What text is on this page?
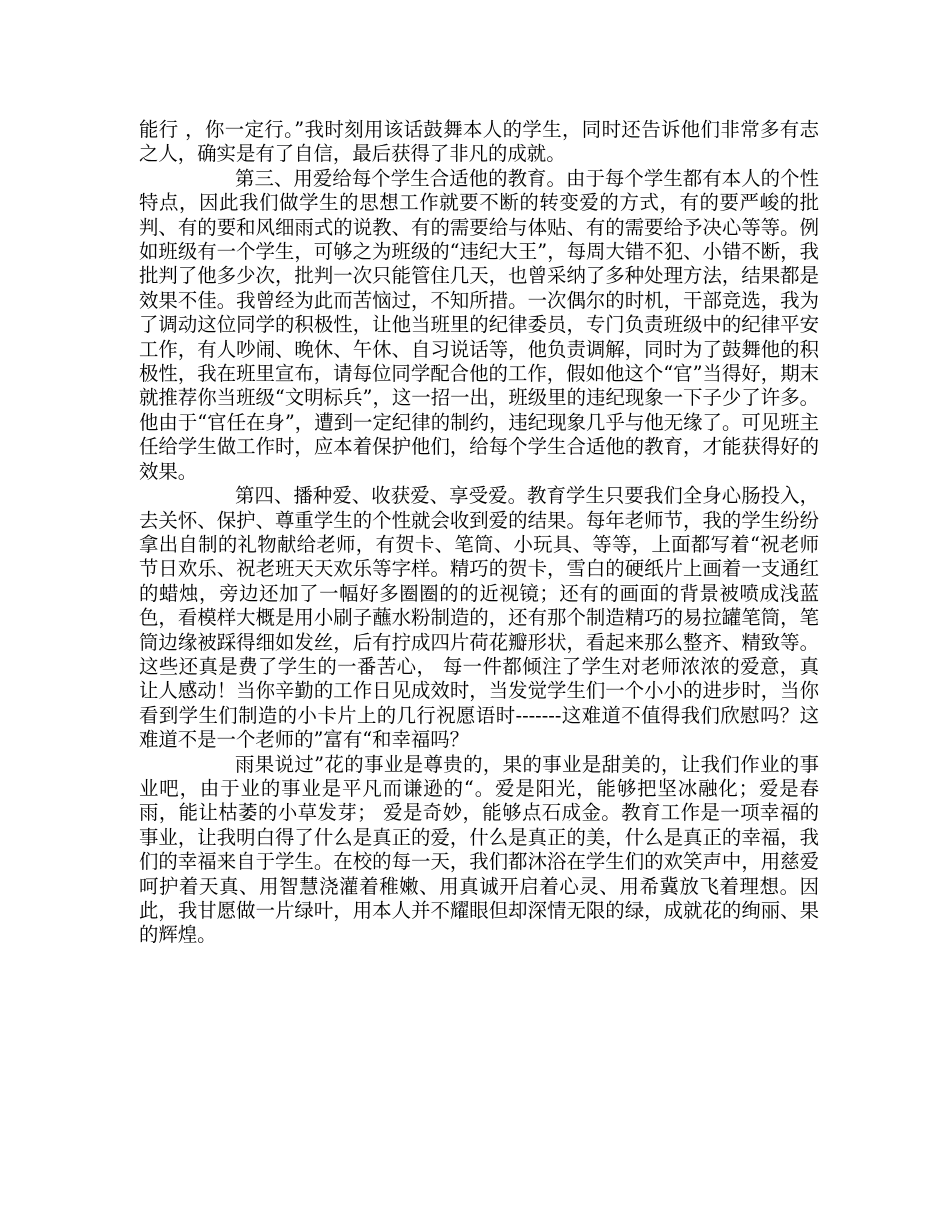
能行 ，你一定行。”我时刻用该话鼓舞本人的学生，同时还告诉他们非常多有志之人，确实是有了自信，最后获得了非凡的成就。

第三、用爱给每个学生合适他的教育。由于每个学生都有本人的个性特点，因此我们做学生的思想工作就要不断的转变爱的方式，有的要严峻的批判、有的要和风细雨式的说教、有的需要给与体贴、有的需要给予决心等等。例如班级有一个学生，可够之为班级的“违纪大王”，每周大错不犯、小错不断，我批判了他多少次，批判一次只能管住几天，也曾采纳了多种处理方法，结果都是效果不佳。我曾经为此而苦恼过，不知所措。一次偶尔的时机，干部竞选，我为了调动这位同学的积极性，让他当班里的纪律委员，专门负责班级中的纪律平安工作，有人吵闹、晚休、午休、自习说话等，他负责调解，同时为了鼓舞他的积极性，我在班里宣布，请每位同学配合他的工作，假如他这个“官”当得好，期末就推荐你当班级“文明标兵”，这一招一出，班级里的违纪现象一下子少了许多。他由于“官任在身”，遭到一定纪律的制约，违纪现象几乎与他无缘了。可见班主任给学生做工作时，应本着保护他们，给每个学生合适他的教育，才能获得好的效果。

第四、播种爱、收获爱、享受爱。教育学生只要我们全身心肠投入，去关怀、保护、尊重学生的个性就会收到爱的结果。每年老师节，我的学生纷纷拿出自制的礼物献给老师，有贺卡、笔筒、小玩具、等等，上面都写着“祝老师节日欢乐、祝老班天天欢乐等字样。精巧的贺卡，雪白的硬纸片上画着一支通红的蜡烛，旁边还加了一幅好多圈圈的的近视镜；还有的画面的背景被喷成浅蓝色，看模样大概是用小刷子蘸水粉制造的，还有那个制造精巧的易拉罐笔筒，笔筒边缘被踩得细如发丝，后有拧成四片荷花瓣形状，看起来那么整齐、精致等。这些还真是费了学生的一番苦心， 每一件都倾注了学生对老师浓浓的爱意，真让人感动！当你辛勤的工作日见成效时，当发觉学生们一个小小的进步时，当你看到学生们制造的小卡片上的几行祝愿语时-------这难道不值得我们欣慰吗？这难道不是一个老师的”富有“和幸福吗？

雨果说过”花的事业是尊贵的，果的事业是甜美的，让我们作业的事业吧，由于业的事业是平凡而谦逊的“。爱是阳光，能够把坚冰融化；爱是春雨，能让枯萎的小草发芽； 爱是奇妙，能够点石成金。教育工作是一项幸福的事业，让我明白得了什么是真正的爱，什么是真正的美，什么是真正的幸福，我们的幸福来自于学生。在校的每一天，我们都沐浴在学生们的欢笑声中，用慈爱呵护着天真、用智慧浇灌着稚嫩、用真诚开启着心灵、用希冀放飞着理想。因此，我甘愿做一片绿叶，用本人并不耀眼但却深情无限的绿，成就花的绚丽、果的辉煌。
